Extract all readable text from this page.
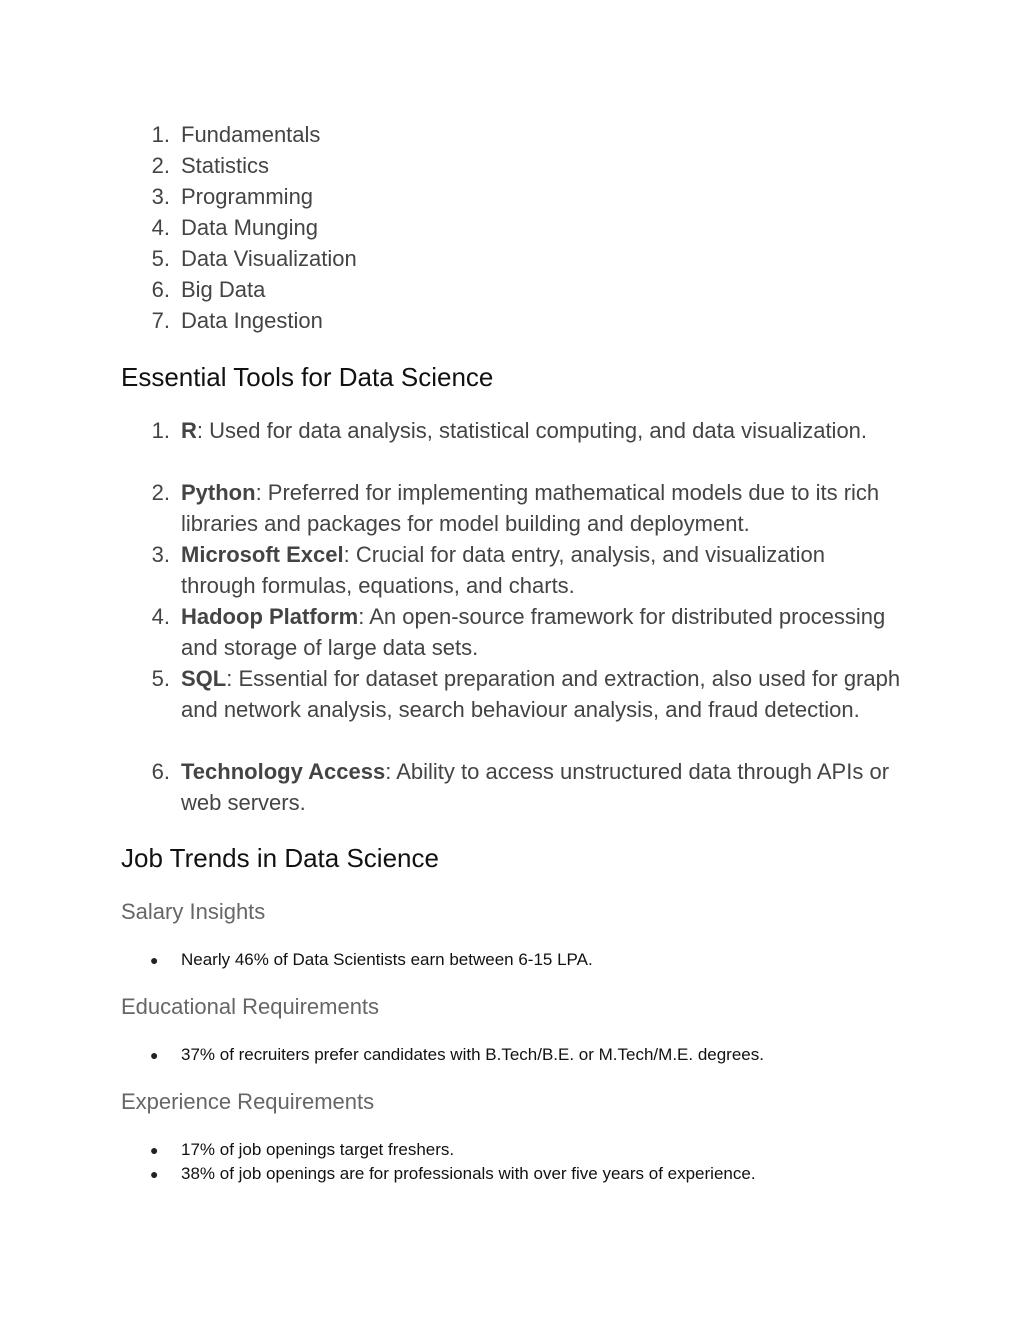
1. Fundamentals
2. Statistics
3. Programming
4. Data Munging
5. Data Visualization
6. Big Data
7. Data Ingestion
Essential Tools for Data Science
1. R: Used for data analysis, statistical computing, and data visualization.
2. Python: Preferred for implementing mathematical models due to its rich libraries and packages for model building and deployment.
3. Microsoft Excel: Crucial for data entry, analysis, and visualization through formulas, equations, and charts.
4. Hadoop Platform: An open-source framework for distributed processing and storage of large data sets.
5. SQL: Essential for dataset preparation and extraction, also used for graph and network analysis, search behaviour analysis, and fraud detection.
6. Technology Access: Ability to access unstructured data through APIs or web servers.
Job Trends in Data Science
Salary Insights
● Nearly 46% of Data Scientists earn between 6-15 LPA.
Educational Requirements
● 37% of recruiters prefer candidates with B.Tech/B.E. or M.Tech/M.E. degrees.
Experience Requirements
● 17% of job openings target freshers.
● 38% of job openings are for professionals with over five years of experience.
